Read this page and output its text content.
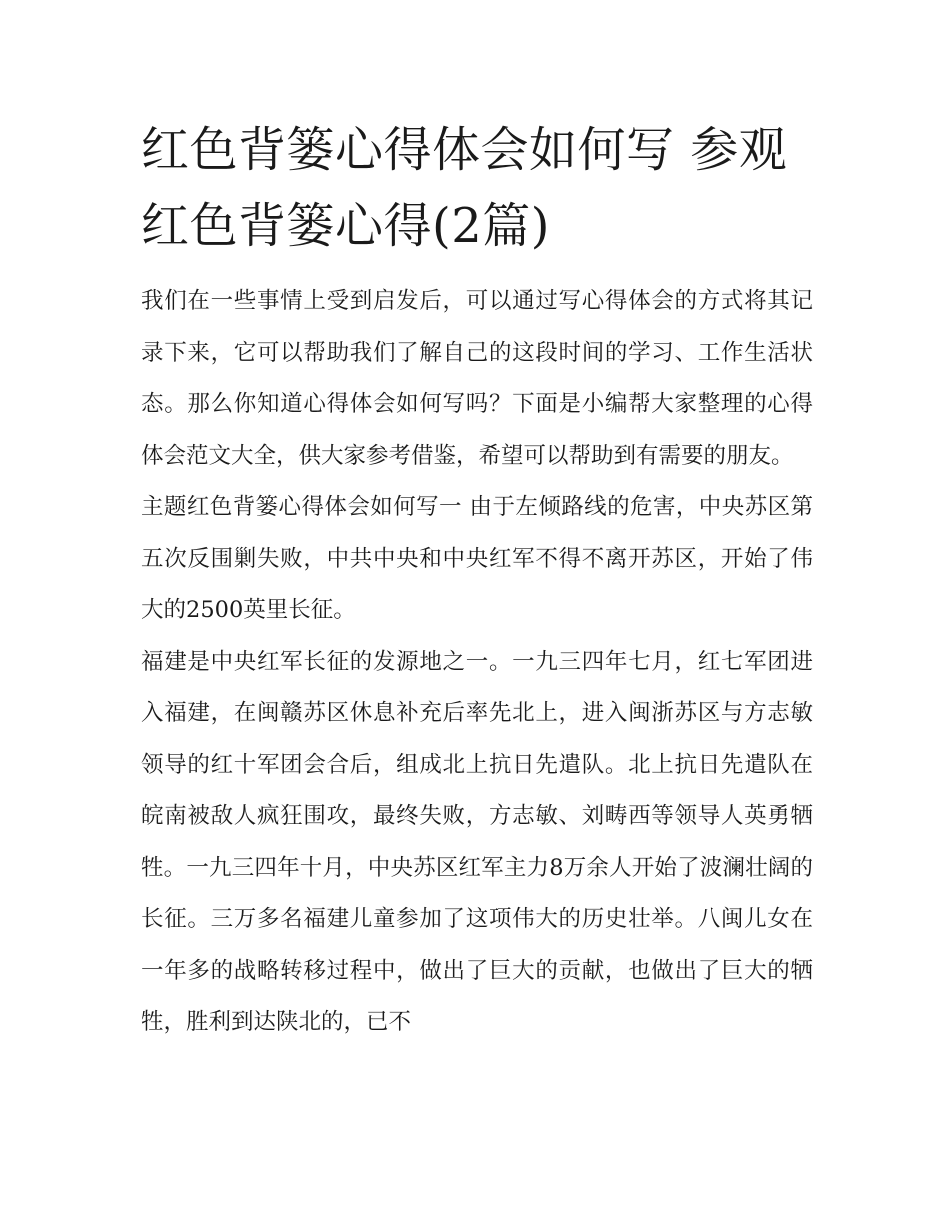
红色背篓心得体会如何写 参观红色背篓心得(2篇)

我们在一些事情上受到启发后，可以通过写心得体会的方式将其记录下来，它可以帮助我们了解自己的这段时间的学习、工作生活状态。那么你知道心得体会如何写吗？下面是小编帮大家整理的心得体会范文大全，供大家参考借鉴，希望可以帮助到有需要的朋友。

主题红色背篓心得体会如何写一 由于左倾路线的危害，中央苏区第五次反围剿失败，中共中央和中央红军不得不离开苏区，开始了伟大的2500英里长征。

福建是中央红军长征的发源地之一。一九三四年七月，红七军团进入福建，在闽赣苏区休息补充后率先北上，进入闽浙苏区与方志敏领导的红十军团会合后，组成北上抗日先遣队。北上抗日先遣队在皖南被敌人疯狂围攻，最终失败，方志敏、刘畴西等领导人英勇牺牲。一九三四年十月，中央苏区红军主力8万余人开始了波澜壮阔的长征。三万多名福建儿童参加了这项伟大的历史壮举。八闽儿女在一年多的战略转移过程中，做出了巨大的贡献，也做出了巨大的牺牲，胜利到达陕北的，已不
